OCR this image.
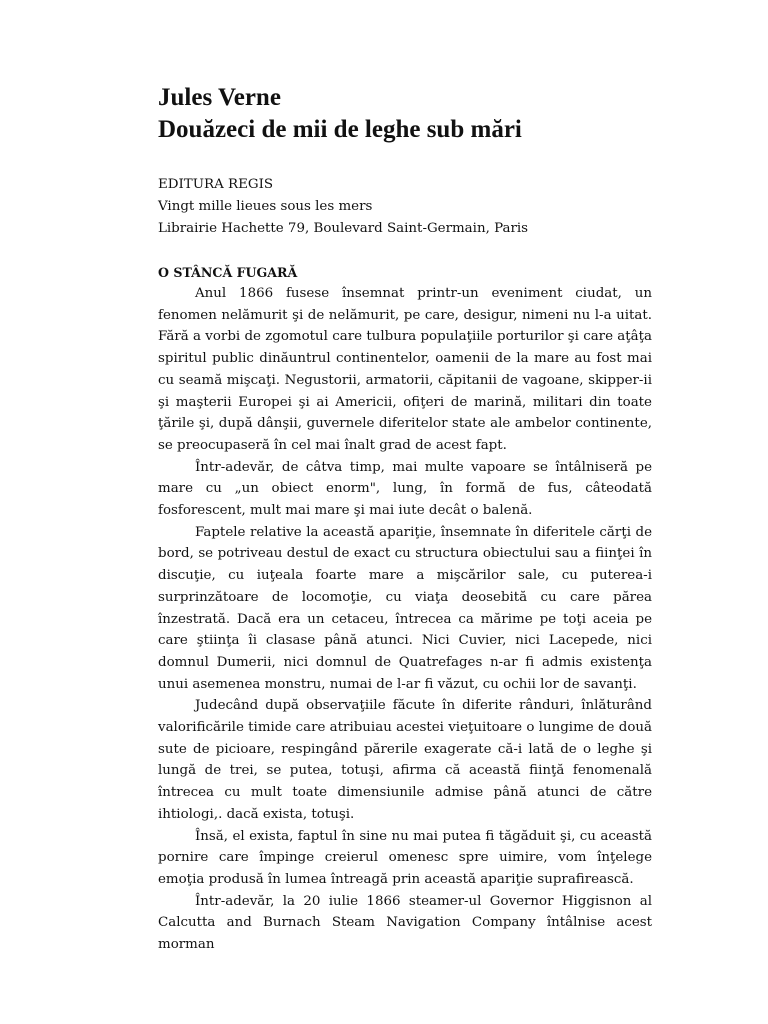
Jules Verne
Douăzeci de mii de leghe sub mări
EDITURA REGIS
Vingt mille lieues sous les mers
Librairie Hachette 79, Boulevard Saint-Germain, Paris
O STÂNCĂ FUGARĂ

Anul 1866 fusese însemnat printr-un eveniment ciudat, un fenomen nelămurit şi de nelămurit, pe care, desigur, nimeni nu l-a uitat. Fără a vorbi de zgomotul care tulbura populaţiile porturilor şi care aţâţa spiritul public dinăuntrul continentelor, oamenii de la mare au fost mai cu seamă mişcaţi. Negustorii, armatorii, căpitanii de vagoane, skipper-ii şi maşterii Europei şi ai Americii, ofiţeri de marină, militari din toate ţările şi, după dânşii, guvernele diferitelor state ale ambelor continente, se preocupaseră în cel mai înalt grad de acest fapt.

Într-adevăr, de câtva timp, mai multe vapoare se întâlniseră pe mare cu „un obiect enorm", lung, în formă de fus, câteodată fosforescent, mult mai mare şi mai iute decât o balenă.

Faptele relative la această apariţie, însemnate în diferitele cărţi de bord, se potriveau destul de exact cu structura obiectului sau a fiinţei în discuţie, cu iuţeala foarte mare a mişcărilor sale, cu puterea-i surprinzătoare de locomoţie, cu viaţa deosebită cu care părea înzestrată. Dacă era un cetaceu, întrecea ca mărime pe toţi aceia pe care ştiinţa îi clasase până atunci. Nici Cuvier, nici Lacepede, nici domnul Dumerii, nici domnul de Quatrefages n-ar fi admis existenţa unui asemenea monstru, numai de l-ar fi văzut, cu ochii lor de savanţi.

Judecând după observaţiile făcute în diferite rânduri, înlăturând valorificările timide care atribuiau acestei vieţuitoare o lungime de două sute de picioare, respingând părerile exagerate că-i lată de o leghe şi lungă de trei, se putea, totuşi, afirma că această fiinţă fenomenală întrecea cu mult toate dimensiunile admise până atunci de către ihtiologi,. dacă exista, totuşi.

Însă, el exista, faptul în sine nu mai putea fi tăgăduit şi, cu această pornire care împinge creierul omenesc spre uimire, vom înţelege emoţia produsă în lumea întreagă prin această apariţie suprafirească.

Într-adevăr, la 20 iulie 1866 steamer-ul Governor Higgisnon al Calcutta and Burnach Steam Navigation Company întâlnise acest morman
